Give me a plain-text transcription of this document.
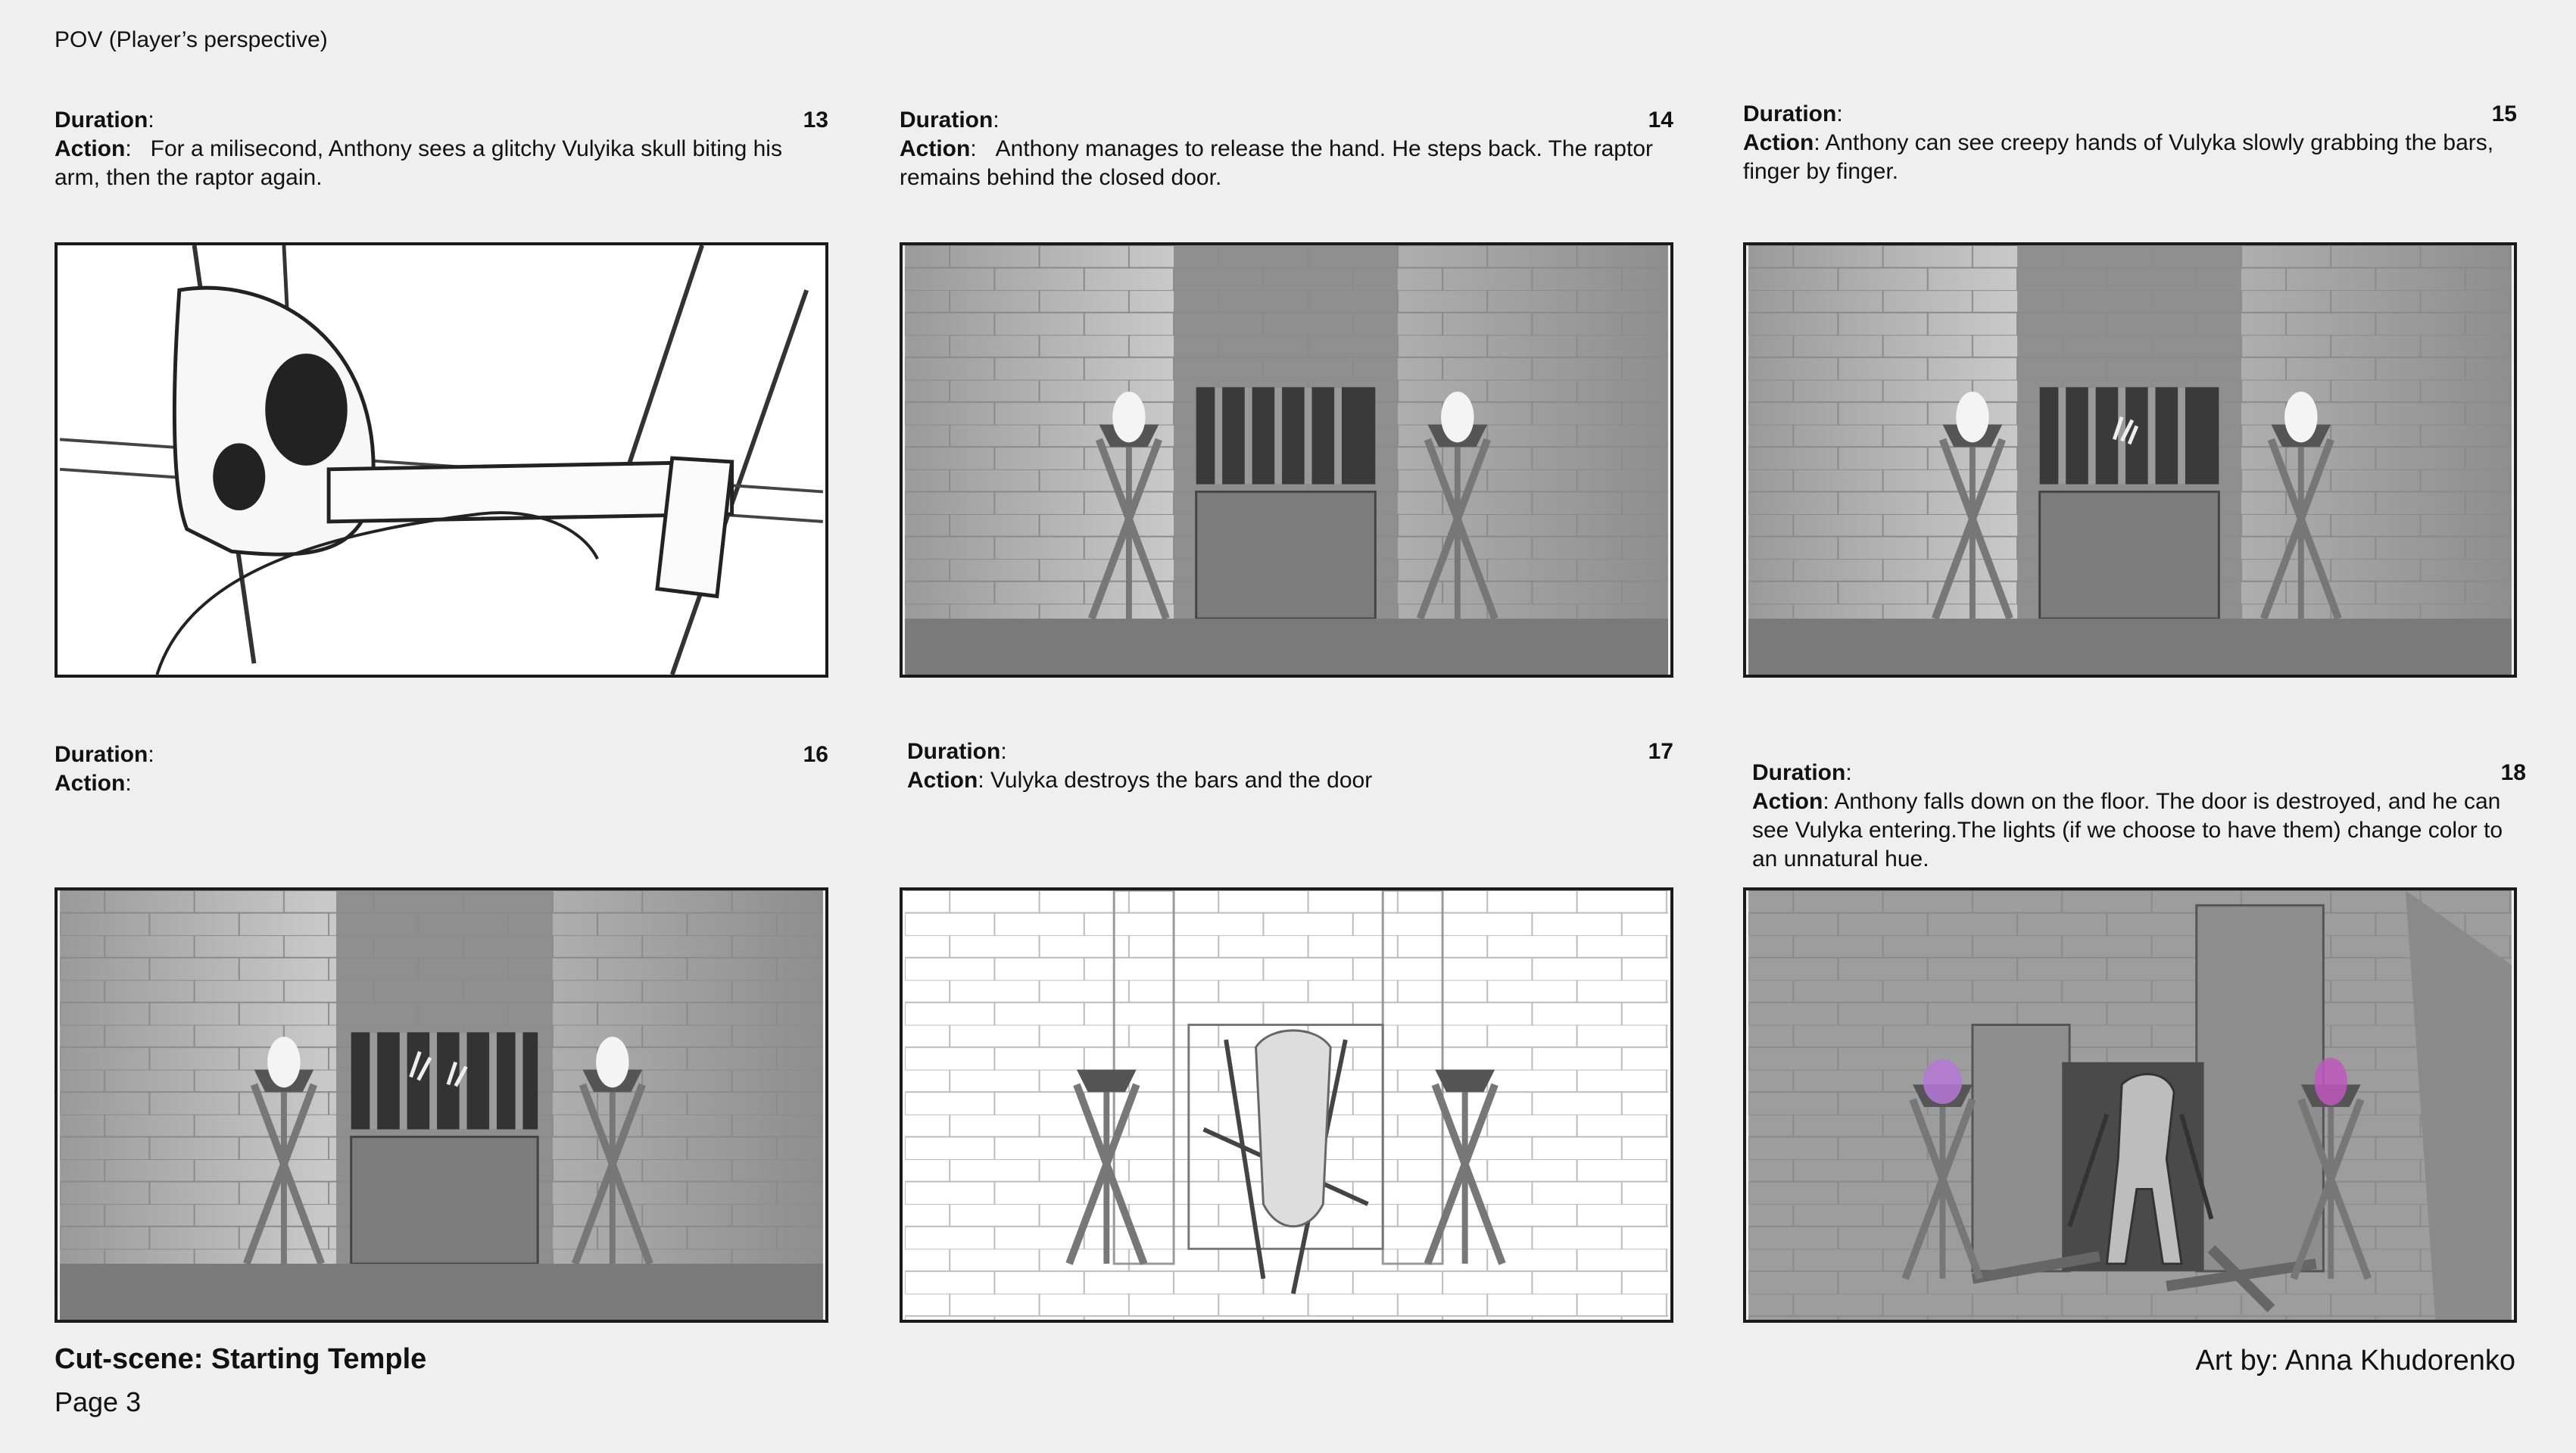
POV (Player’s perspective)
13
Duration:
Action:   For a milisecond, Anthony sees a glitchy Vulyika skull biting his arm, then the raptor again.
14
Duration:
Action:   Anthony manages to release the hand. He steps back. The raptor remains behind the closed door.
15
Duration:
Action: Anthony can see creepy hands of Vulyka slowly grabbing the bars, finger by finger.
16
Duration:
Action:
17
Duration:
Action: Vulyka destroys the bars and the door	18
Duration:
Action: Anthony falls down on the floor. The door is destroyed, and he can see Vulyka entering.The lights (if we choose to have them) change color to an unnatural hue.
Cut-scene: Starting Temple
Page 3
Art by: Anna Khudorenko
